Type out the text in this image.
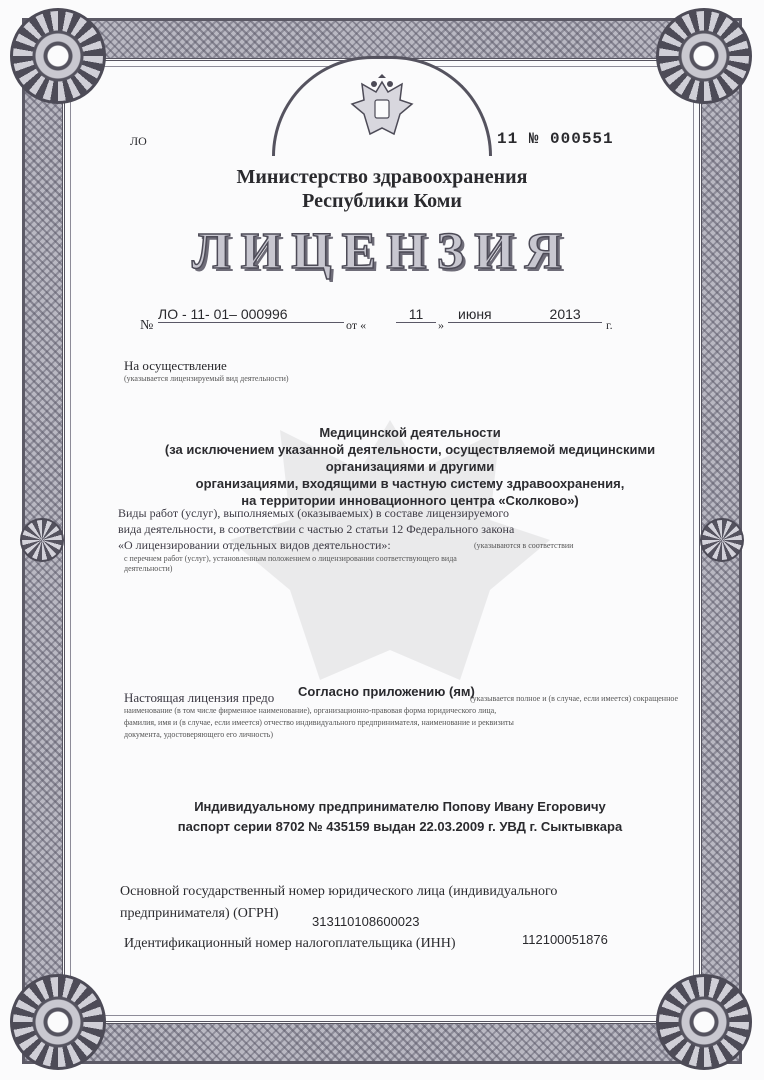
ЛО	11 № 000551
Министерство здравоохранения
Республики Коми
ЛИЦЕНЗИЯ
№
ЛО - 11- 01– 000996
от «
11
»
июня	2013
г.
На осуществление
(указывается лицензируемый вид деятельности)
Медицинской деятельности
(за исключением указанной деятельности, осуществляемой медицинскими
организациями и другими
организациями, входящими в частную систему здравоохранения,
на территории инновационного центра «Сколково»)
Виды работ (услуг), выполняемых (оказываемых) в составе лицензируемого
вида деятельности, в соответствии с частью 2 статьи 12 Федерального закона
«О лицензировании отдельных видов деятельности»:	(указываются в соответствии
с перечнем работ (услуг), установленным положением о лицензировании соответствующего вида
деятельности)
Согласно приложению (ям)
Настоящая лицензия предо	(указывается полное и (в случае, если имеется) сокращенное
наименование (в том числе фирменное наименование), организационно-правовая форма юридического лица,
фамилия, имя и (в случае, если имеется) отчество индивидуального предпринимателя, наименование и реквизиты
документа, удостоверяющего его личность)
Индивидуальному предпринимателю Попову Ивану Егоровичу
паспорт серии 8702 № 435159 выдан 22.03.2009 г. УВД г. Сыктывкара
Основной государственный номер юридического лица (индивидуального
предпринимателя) (ОГРН)
313110108600023
Идентификационный номер налогоплательщика (ИНН)	112100051876
